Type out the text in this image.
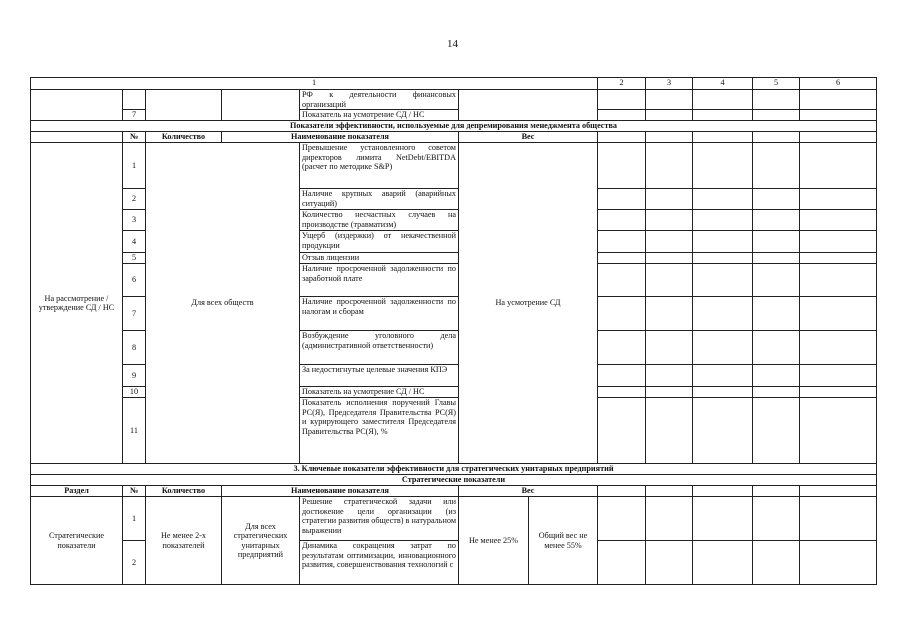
14
1							2	3	4	5	6
				РФ к деятельности финансовых организаций							
	7			Показатель на усмотрение СД / НС							
Показатели эффективности, используемые для депремирования менеджмента общества											
	№	Количество	Наименование показателя		Вес						
На рассмотрение /утверждение СД / НС	1	Для всех обществ		Превышение установленного советом директоров лимита NetDebt/EBITDA (расчет по методике S&P)	На усмотрение СД						
	2			Наличие крупных аварий (аварийных ситуаций)							
	3			Количество несчастных случаев на производстве (травматизм)							
	4			Ущерб (издержки) от некачественной продукции							
	5			Отзыв лицензии							
	6			Наличие просроченной задолженности по заработной плате							
	7			Наличие просроченной задолженности по налогам и сборам							
	8			Возбуждение уголовного дела (административной ответственности)							
	9			За недостигнутые целевые значения КПЭ							
	10			Показатель на усмотрение СД / НС							
	11			Показатель исполнения поручений Главы РС(Я), Председателя Правительства РС(Я) и курирующего заместителя Председателя Правительства РС(Я), %							
3. Ключевые показатели эффективности для стратегических унитарных предприятий											
Стратегические показатели											
Раздел	№	Количество	Наименование показателя		Вес						
Стратегические показатели	1	Не менее 2-х показателей	Для всех стратегических унитарных предприятий	Решение стратегической задачи или достижение цели организации (из стратегии развития обществ) в натуральном выражении	Не менее 25%	Общий вес не менее 55%					
	2			Динамика сокращения затрат по результатам оптимизации, инновационного развития, совершенствования технологий с							
